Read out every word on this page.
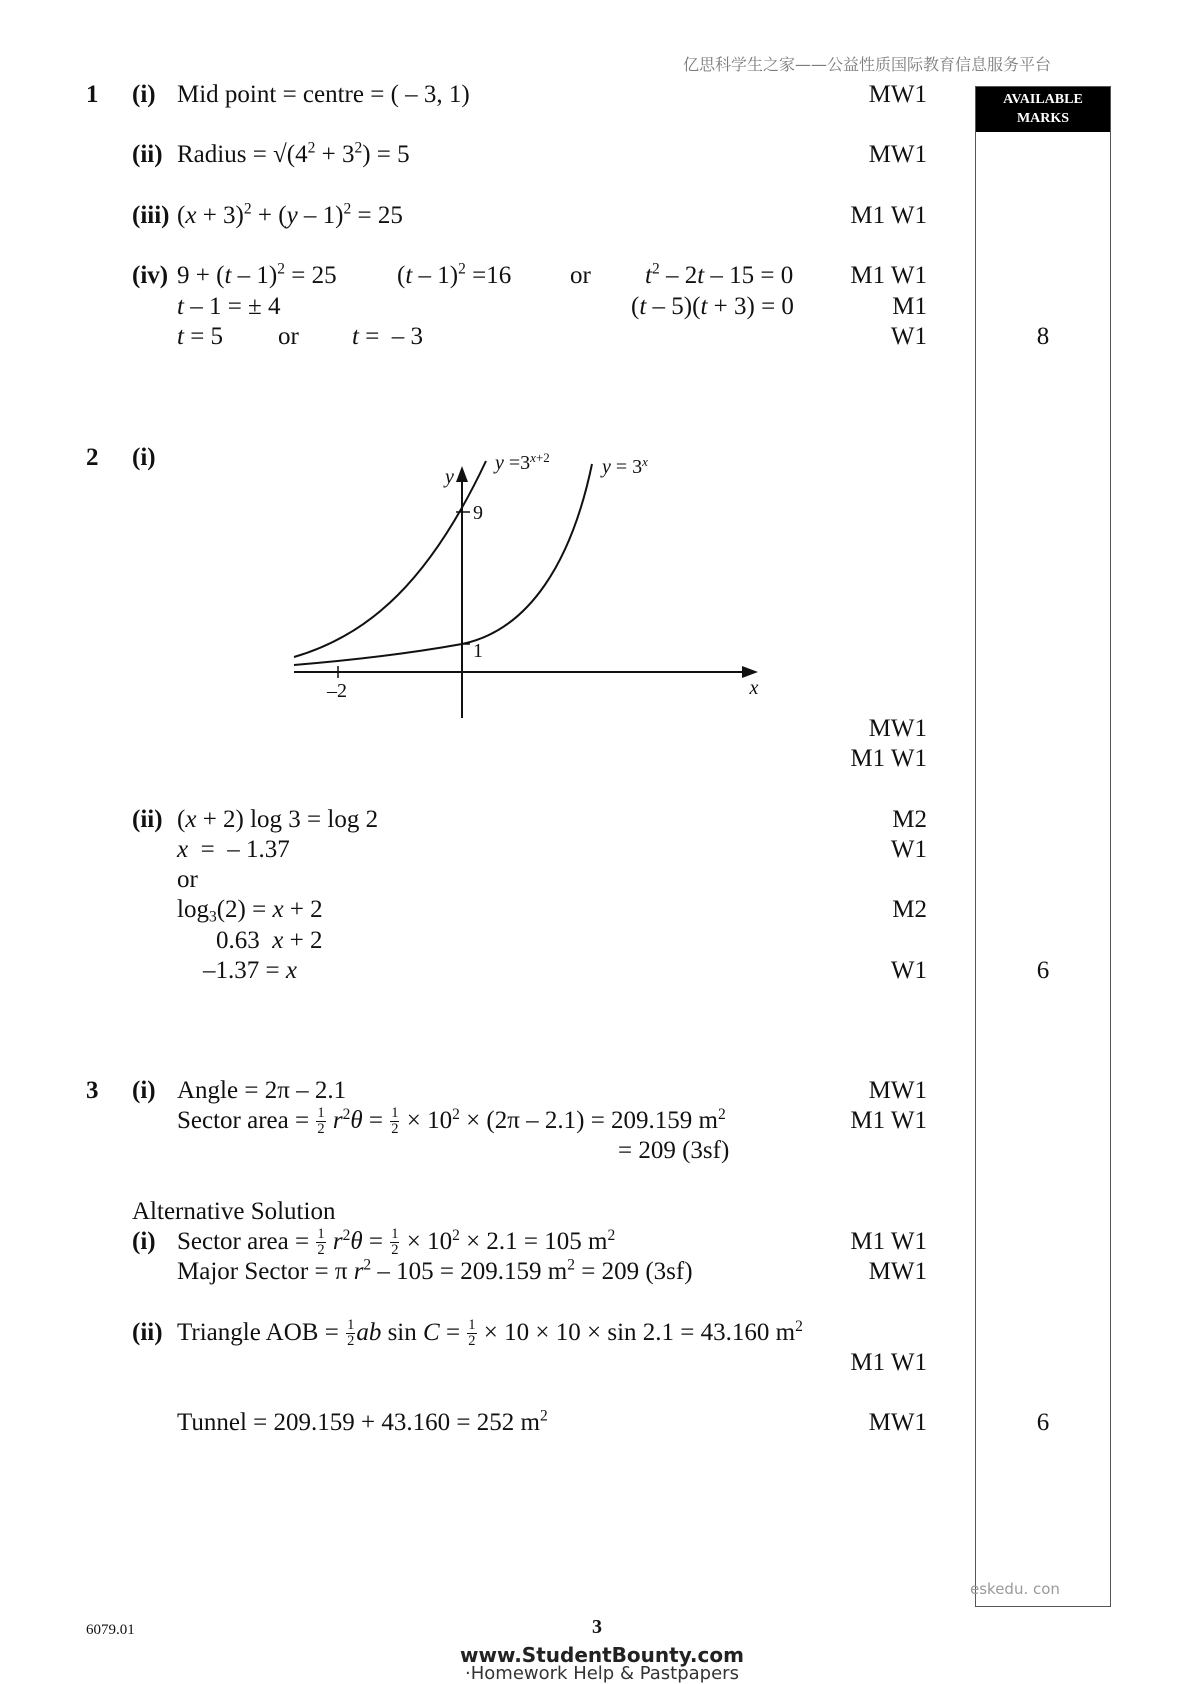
亿思科学生之家——公益性质国际教育信息服务平台
AVAILABLE
MARKS
1 (i) Mid point = centre = ( – 3, 1)	MW1
(ii) Radius = $√(4^2 + 3^2) = 5$	MW1
(iii) $(x + 3)^2 + (y - 1)^2 = 25$	M1 W1
(iv) 9 + (t – 1)$^2$ = 25 (t – 1)$^2$ =16 or $t^2 - 2t - 15 = 0$ M1 W1
t – 1 = ± 4	(t – 5)(t + 3) = 0	M1
t = 5 or t =  – 3	W1	8
2 (i)
y
9
1
–2	x
$y =3^{x+2}$	$y = 3^x$
MW1
M1 W1
(ii) (x + 2) log 3 = log 2	M2
x  =  – 1.37	W1
or
$\log_3(2) = x + 2$	M2
0.63  x + 2
–1.37 = x	W1	6
3 (i) Angle = 2π – 2.1	MW1
Sector area = $\frac{1}{2} r^2\theta = \frac{1}{2} \times 10^2 \times (2\pi - 2.1) = 209.159$ $m^2$	M1 W1
= 209 (3sf)
Alternative Solution
(i) Sector area = $\frac{1}{2} r^2\theta = \frac{1}{2} \times 10^2 \times 2.1 = 105$ $m^2$	M1 W1
Major Sector = π $r^2 - 105 = 209.159$ $m^2 = 209$ (3sf)	MW1
(ii) Triangle AOB = $\frac{1}{2}$ ab $\sin C = \frac{1}{2} \times 10 \times 10 \times \sin 2.1 = 43.160$ $m^2$
M1 W1
Tunnel = 209.159 + 43.160 = 252 $m^2$	MW1	6
eskedu. con
6079.01	3
www.StudentBounty.com
·Homework Help & Pastpapers
